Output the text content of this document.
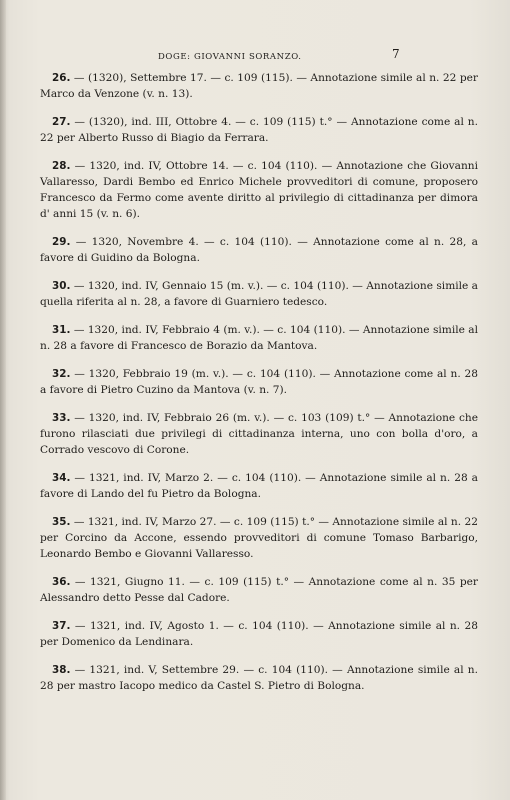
DOGE: GIOVANNI SORANZO.	7

26. — (1320), Settembre 17. — c. 109 (115). — Annotazione simile al n. 22 per Marco da Venzone (v. n. 13).

27. — (1320), ind. III, Ottobre 4. — c. 109 (115) t.° — Annotazione come al n. 22 per Alberto Russo di Biagio da Ferrara.

28. — 1320, ind. IV, Ottobre 14. — c. 104 (110). — Annotazione che Giovanni Vallaresso, Dardi Bembo ed Enrico Michele provveditori di comune, proposero Francesco da Fermo come avente diritto al privilegio di cittadinanza per dimora d' anni 15 (v. n. 6).

29. — 1320, Novembre 4. — c. 104 (110). — Annotazione come al n. 28, a favore di Guidino da Bologna.

30. — 1320, ind. IV, Gennaio 15 (m. v.). — c. 104 (110). — Annotazione simile a quella riferita al n. 28, a favore di Guarniero tedesco.

31. — 1320, ind. IV, Febbraio 4 (m. v.). — c. 104 (110). — Annotazione simile al n. 28 a favore di Francesco de Borazio da Mantova.

32. — 1320, Febbraio 19 (m. v.). — c. 104 (110). — Annotazione come al n. 28 a favore di Pietro Cuzino da Mantova (v. n. 7).

33. — 1320, ind. IV, Febbraio 26 (m. v.). — c. 103 (109) t.° — Annotazione che furono rilasciati due privilegi di cittadinanza interna, uno con bolla d'oro, a Corrado vescovo di Corone.

34. — 1321, ind. IV, Marzo 2. — c. 104 (110). — Annotazione simile al n. 28 a favore di Lando del fu Pietro da Bologna.

35. — 1321, ind. IV, Marzo 27. — c. 109 (115) t.° — Annotazione simile al n. 22 per Corcino da Accone, essendo provveditori di comune Tomaso Barbarigo, Leonardo Bembo e Giovanni Vallaresso.

36. — 1321, Giugno 11. — c. 109 (115) t.° — Annotazione come al n. 35 per Alessandro detto Pesse dal Cadore.

37. — 1321, ind. IV, Agosto 1. — c. 104 (110). — Annotazione simile al n. 28 per Domenico da Lendinara.

38. — 1321, ind. V, Settembre 29. — c. 104 (110). — Annotazione simile al n. 28 per mastro Iacopo medico da Castel S. Pietro di Bologna.
